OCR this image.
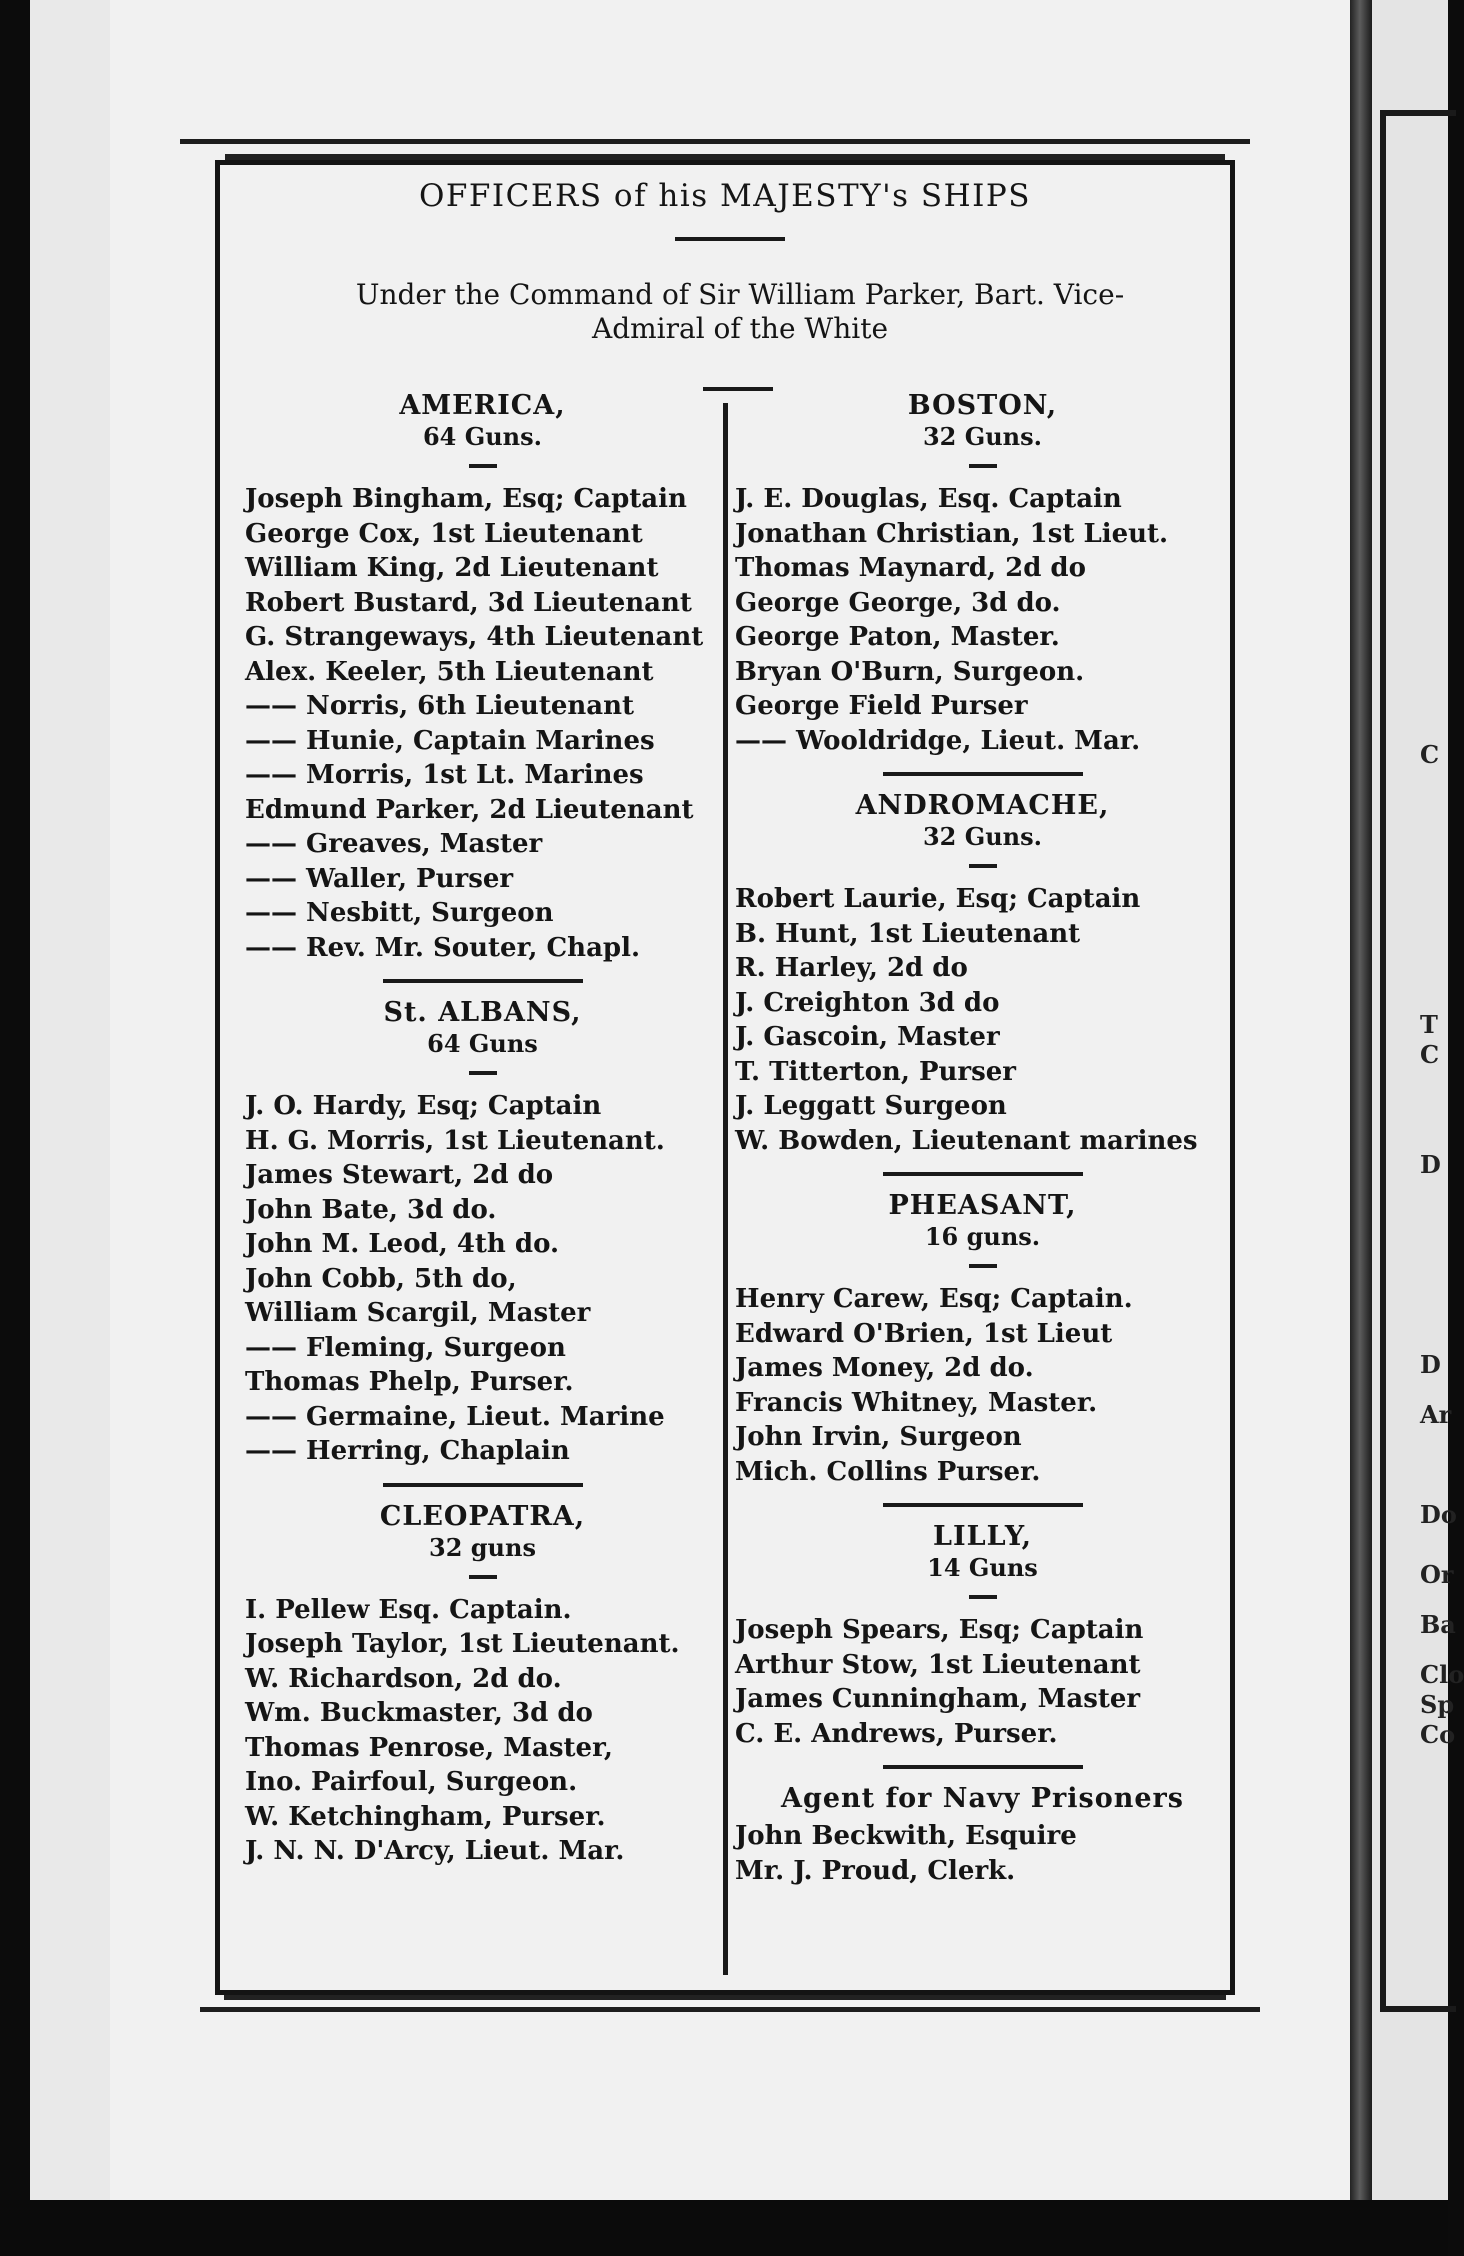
C
T
C
D
D
Ar
Do
Or
Ba
Clo
Sp
Co
OFFICERS of his MAJESTY's SHIPS
Under the Command of Sir William Parker, Bart. Vice-
Admiral of the White
AMERICA,
64 Guns.
Joseph Bingham, Esq; Captain
George Cox, 1st Lieutenant
William King, 2d Lieutenant
Robert Bustard, 3d Lieutenant
G. Strangeways, 4th Lieutenant
Alex. Keeler, 5th Lieutenant
—— Norris, 6th Lieutenant
—— Hunie, Captain Marines
—— Morris, 1st Lt. Marines
Edmund Parker, 2d Lieutenant
—— Greaves, Master
—— Waller, Purser
—— Nesbitt, Surgeon
—— Rev. Mr. Souter, Chapl.
St. ALBANS,
64 Guns
J. O. Hardy, Esq; Captain
H. G. Morris, 1st Lieutenant.
James Stewart, 2d do
John Bate, 3d do.
John M. Leod, 4th do.
John Cobb, 5th do,
William Scargil, Master
—— Fleming, Surgeon
Thomas Phelp, Purser.
—— Germaine, Lieut. Marine
—— Herring, Chaplain
CLEOPATRA,
32 guns
I. Pellew Esq. Captain.
Joseph Taylor, 1st Lieutenant.
W. Richardson, 2d do.
Wm. Buckmaster, 3d do
Thomas Penrose, Master,
Ino. Pairfoul, Surgeon.
W. Ketchingham, Purser.
J. N. N. D'Arcy, Lieut. Mar.
BOSTON,
32 Guns.
J. E. Douglas, Esq. Captain
Jonathan Christian, 1st Lieut.
Thomas Maynard, 2d do
George George, 3d do.
George Paton, Master.
Bryan O'Burn, Surgeon.
George Field Purser
—— Wooldridge, Lieut. Mar.
ANDROMACHE,
32 Guns.
Robert Laurie, Esq; Captain
B. Hunt, 1st Lieutenant
R. Harley, 2d do
J. Creighton 3d do
J. Gascoin, Master
T. Titterton, Purser
J. Leggatt Surgeon
W. Bowden, Lieutenant marines
PHEASANT,
16 guns.
Henry Carew, Esq; Captain.
Edward O'Brien, 1st Lieut
James Money, 2d do.
Francis Whitney, Master.
John Irvin, Surgeon
Mich. Collins Purser.
LILLY,
14 Guns
Joseph Spears, Esq; Captain
Arthur Stow, 1st Lieutenant
James Cunningham, Master
C. E. Andrews, Purser.
Agent for Navy Prisoners
John Beckwith, Esquire
Mr. J. Proud, Clerk.
